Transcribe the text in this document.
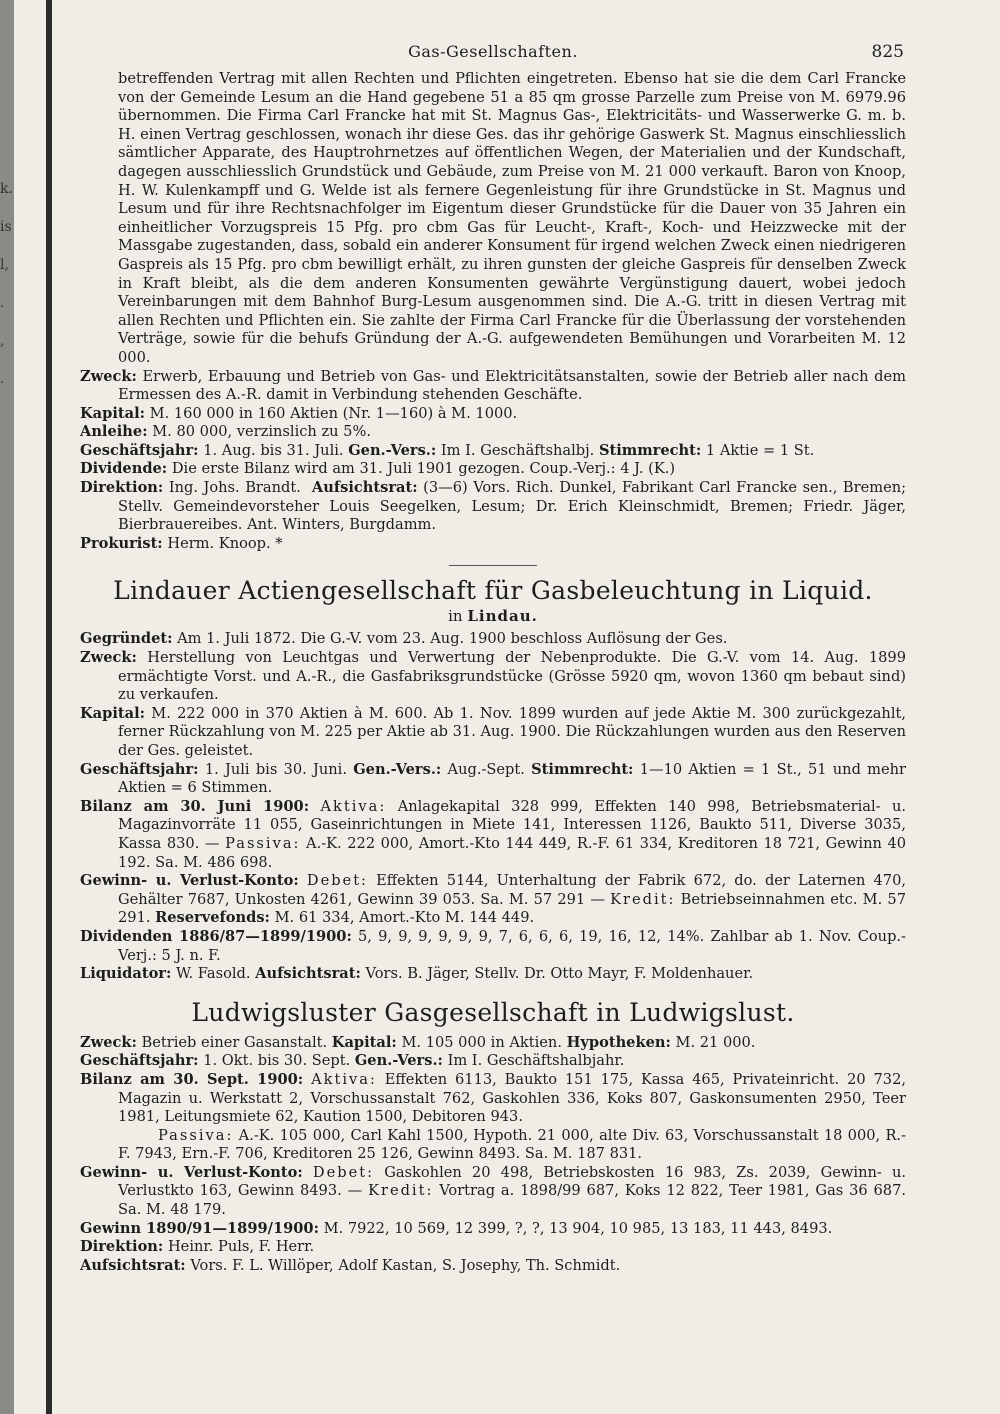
k.
is
l,
.
,
.
Gas-Gesellschaften.	825

betreffenden Vertrag mit allen Rechten und Pflichten eingetreten. Ebenso hat sie die dem Carl Francke von der Gemeinde Lesum an die Hand gegebene 51 a 85 qm grosse Parzelle zum Preise von M. 6979.96 übernommen. Die Firma Carl Francke hat mit St. Magnus Gas-, Elektricitäts- und Wasserwerke G. m. b. H. einen Vertrag geschlossen, wonach ihr diese Ges. das ihr gehörige Gaswerk St. Magnus einschliesslich sämtlicher Apparate, des Hauptrohrnetzes auf öffentlichen Wegen, der Materialien und der Kundschaft, dagegen ausschliesslich Grundstück und Gebäude, zum Preise von M. 21 000 verkauft. Baron von Knoop, H. W. Kulenkampff und G. Welde ist als fernere Gegenleistung für ihre Grundstücke in St. Magnus und Lesum und für ihre Rechtsnachfolger im Eigentum dieser Grundstücke für die Dauer von 35 Jahren ein einheitlicher Vorzugspreis 15 Pfg. pro cbm Gas für Leucht-, Kraft-, Koch- und Heizzwecke mit der Massgabe zugestanden, dass, sobald ein anderer Konsument für irgend welchen Zweck einen niedrigeren Gaspreis als 15 Pfg. pro cbm bewilligt erhält, zu ihren gunsten der gleiche Gaspreis für denselben Zweck in Kraft bleibt, als die dem anderen Konsumenten gewährte Vergünstigung dauert, wobei jedoch Vereinbarungen mit dem Bahnhof Burg-Lesum ausgenommen sind. Die A.-G. tritt in diesen Vertrag mit allen Rechten und Pflichten ein. Sie zahlte der Firma Carl Francke für die Überlassung der vorstehenden Verträge, sowie für die behufs Gründung der A.-G. aufgewendeten Bemühungen und Vorarbeiten M. 12 000.

Zweck: Erwerb, Erbauung und Betrieb von Gas- und Elektricitätsanstalten, sowie der Betrieb aller nach dem Ermessen des A.-R. damit in Verbindung stehenden Geschäfte.

Kapital: M. 160 000 in 160 Aktien (Nr. 1—160) à M. 1000.

Anleihe: M. 80 000, verzinslich zu 5%.

Geschäftsjahr: 1. Aug. bis 31. Juli. Gen.-Vers.: Im I. Geschäftshalbj. Stimmrecht: 1 Aktie = 1 St.

Dividende: Die erste Bilanz wird am 31. Juli 1901 gezogen. Coup.-Verj.: 4 J. (K.)

Direktion: Ing. Johs. Brandt. Aufsichtsrat: (3—6) Vors. Rich. Dunkel, Fabrikant Carl Francke sen., Bremen; Stellv. Gemeindevorsteher Louis Seegelken, Lesum; Dr. Erich Kleinschmidt, Bremen; Friedr. Jäger, Bierbrauereibes. Ant. Winters, Burgdamm.

Prokurist: Herm. Knoop. *

Lindauer Actiengesellschaft für Gasbeleuchtung in Liquid.
in Lindau.

Gegründet: Am 1. Juli 1872. Die G.-V. vom 23. Aug. 1900 beschloss Auflösung der Ges.

Zweck: Herstellung von Leuchtgas und Verwertung der Nebenprodukte. Die G.-V. vom 14. Aug. 1899 ermächtigte Vorst. und A.-R., die Gasfabriksgrundstücke (Grösse 5920 qm, wovon 1360 qm bebaut sind) zu verkaufen.

Kapital: M. 222 000 in 370 Aktien à M. 600. Ab 1. Nov. 1899 wurden auf jede Aktie M. 300 zurückgezahlt, ferner Rückzahlung von M. 225 per Aktie ab 31. Aug. 1900. Die Rückzahlungen wurden aus den Reserven der Ges. geleistet.

Geschäftsjahr: 1. Juli bis 30. Juni. Gen.-Vers.: Aug.-Sept. Stimmrecht: 1—10 Aktien = 1 St., 51 und mehr Aktien = 6 Stimmen.

Bilanz am 30. Juni 1900: Aktiva: Anlagekapital 328 999, Effekten 140 998, Betriebsmaterial- u. Magazinvorräte 11 055, Gaseinrichtungen in Miete 141, Interessen 1126, Baukto 511, Diverse 3035, Kassa 830. — Passiva: A.-K. 222 000, Amort.-Kto 144 449, R.-F. 61 334, Kreditoren 18 721, Gewinn 40 192. Sa. M. 486 698.

Gewinn- u. Verlust-Konto: Debet: Effekten 5144, Unterhaltung der Fabrik 672, do. der Laternen 470, Gehälter 7687, Unkosten 4261, Gewinn 39 053. Sa. M. 57 291 — Kredit: Betriebseinnahmen etc. M. 57 291. Reservefonds: M. 61 334, Amort.-Kto M. 144 449.

Dividenden 1886/87—1899/1900: 5, 9, 9, 9, 9, 9, 9, 7, 6, 6, 6, 19, 16, 12, 14%. Zahlbar ab 1. Nov. Coup.-Verj.: 5 J. n. F.

Liquidator: W. Fasold. Aufsichtsrat: Vors. B. Jäger, Stellv. Dr. Otto Mayr, F. Moldenhauer.

Ludwigsluster Gasgesellschaft in Ludwigslust.

Zweck: Betrieb einer Gasanstalt. Kapital: M. 105 000 in Aktien. Hypotheken: M. 21 000.

Geschäftsjahr: 1. Okt. bis 30. Sept. Gen.-Vers.: Im I. Geschäftshalbjahr.

Bilanz am 30. Sept. 1900: Aktiva: Effekten 6113, Baukto 151 175, Kassa 465, Privateinricht. 20 732, Magazin u. Werkstatt 2, Vorschussanstalt 762, Gaskohlen 336, Koks 807, Gaskonsumenten 2950, Teer 1981, Leitungsmiete 62, Kaution 1500, Debitoren 943.

Passiva: A.-K. 105 000, Carl Kahl 1500, Hypoth. 21 000, alte Div. 63, Vorschussanstalt 18 000, R.-F. 7943, Ern.-F. 706, Kreditoren 25 126, Gewinn 8493. Sa. M. 187 831.

Gewinn- u. Verlust-Konto: Debet: Gaskohlen 20 498, Betriebskosten 16 983, Zs. 2039, Gewinn- u. Verlustkto 163, Gewinn 8493. — Kredit: Vortrag a. 1898/99 687, Koks 12 822, Teer 1981, Gas 36 687. Sa. M. 48 179.

Gewinn 1890/91—1899/1900: M. 7922, 10 569, 12 399, ?, ?, 13 904, 10 985, 13 183, 11 443, 8493.

Direktion: Heinr. Puls, F. Herr.

Aufsichtsrat: Vors. F. L. Willöper, Adolf Kastan, S. Josephy, Th. Schmidt.
